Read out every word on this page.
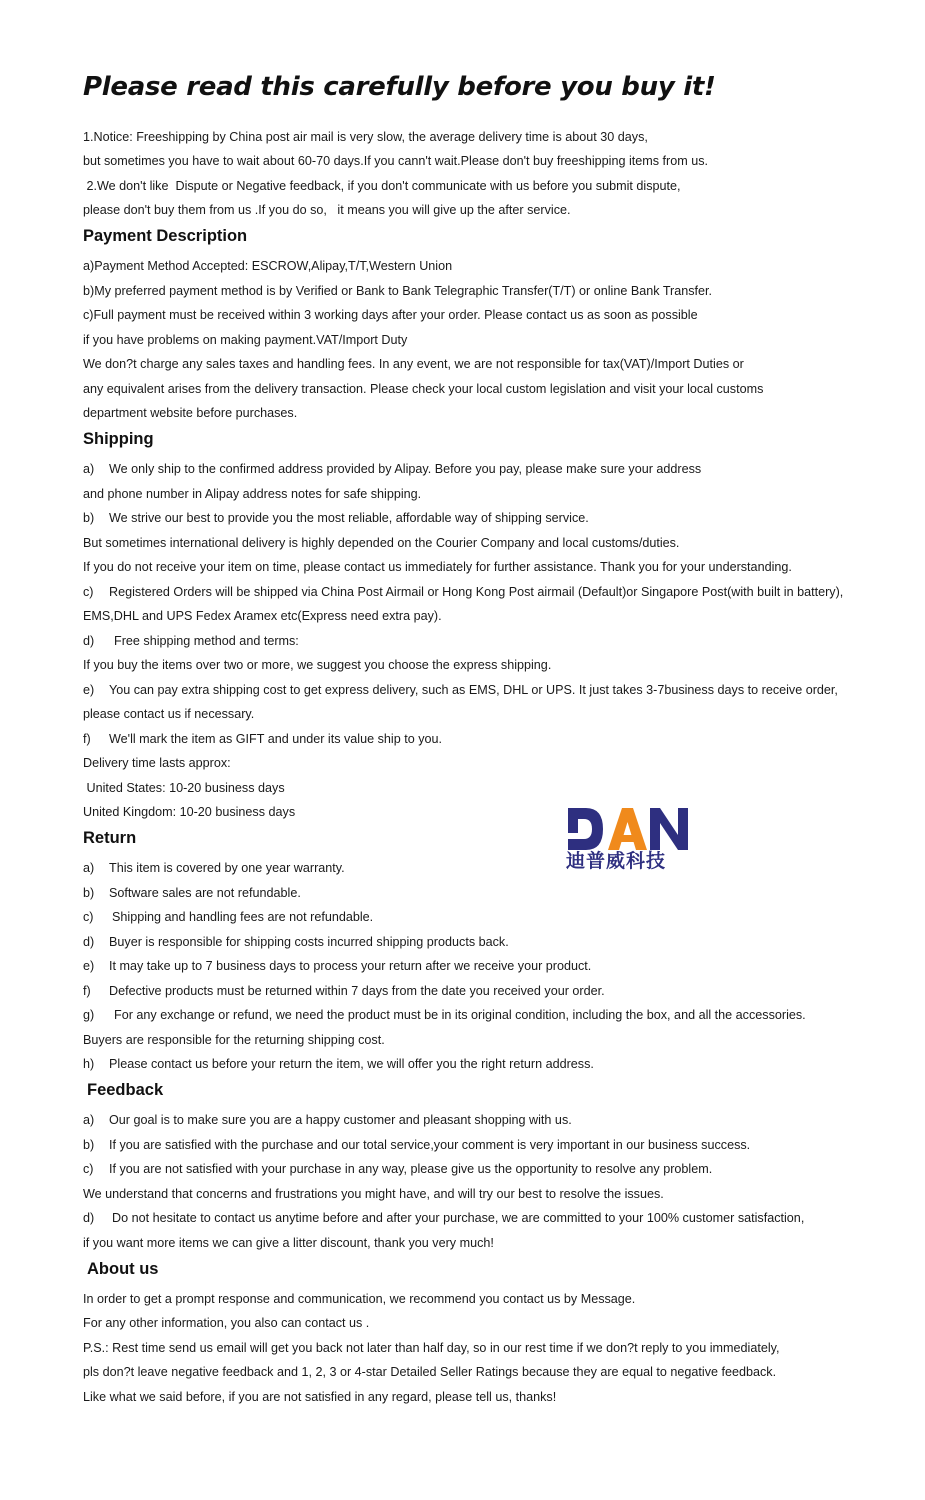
Please read this carefully before you buy it!

1.Notice: Freeshipping by China post air mail is very slow, the average delivery time is about 30 days,

but sometimes you have to wait about 60-70 days.If you cann't wait.Please don't buy freeshipping items from us.

2.We don't like  Dispute or Negative feedback, if you don't communicate with us before you submit dispute,

please don't buy them from us .If you do so,   it means you will give up the after service.

Payment Description

a)Payment Method Accepted: ESCROW,Alipay,T/T,Western Union

b)My preferred payment method is by Verified or Bank to Bank Telegraphic Transfer(T/T) or online Bank Transfer.

c)Full payment must be received within 3 working days after your order. Please contact us as soon as possible

if you have problems on making payment.VAT/Import Duty

We don?t charge any sales taxes and handling fees. In any event, we are not responsible for tax(VAT)/Import Duties or

any equivalent arises from the delivery transaction. Please check your local custom legislation and visit your local customs

department website before purchases.

Shipping

a) We only ship to the confirmed address provided by Alipay. Before you pay, please make sure your address

and phone number in Alipay address notes for safe shipping.

b) We strive our best to provide you the most reliable, affordable way of shipping service.

But sometimes international delivery is highly depended on the Courier Company and local customs/duties.

If you do not receive your item on time, please contact us immediately for further assistance. Thank you for your understanding.

c) Registered Orders will be shipped via China Post Airmail or Hong Kong Post airmail (Default)or Singapore Post(with built in battery),

EMS,DHL and UPS Fedex Aramex etc(Express need extra pay).

d) Free shipping method and terms:

If you buy the items over two or more, we suggest you choose the express shipping.

e) You can pay extra shipping cost to get express delivery, such as EMS, DHL or UPS. It just takes 3-7business days to receive order,

please contact us if necessary.

f) We'll mark the item as GIFT and under its value ship to you.

Delivery time lasts approx:

United States: 10-20 business days

United Kingdom: 10-20 business days	DAN
迪普威科技
Return

a) This item is covered by one year warranty.

b) Software sales are not refundable.

c) Shipping and handling fees are not refundable.

d) Buyer is responsible for shipping costs incurred shipping products back.

e) It may take up to 7 business days to process your return after we receive your product.

f) Defective products must be returned within 7 days from the date you received your order.

g) For any exchange or refund, we need the product must be in its original condition, including the box, and all the accessories.

Buyers are responsible for the returning shipping cost.

h) Please contact us before your return the item, we will offer you the right return address.

Feedback

a) Our goal is to make sure you are a happy customer and pleasant shopping with us.

b) If you are satisfied with the purchase and our total service,your comment is very important in our business success.

c) If you are not satisfied with your purchase in any way, please give us the opportunity to resolve any problem.

We understand that concerns and frustrations you might have, and will try our best to resolve the issues.

d) Do not hesitate to contact us anytime before and after your purchase, we are committed to your 100% customer satisfaction,

if you want more items we can give a litter discount, thank you very much!

About us

In order to get a prompt response and communication, we recommend you contact us by Message.

For any other information, you also can contact us .

P.S.: Rest time send us email will get you back not later than half day, so in our rest time if we don?t reply to you immediately,

pls don?t leave negative feedback and 1, 2, 3 or 4-star Detailed Seller Ratings because they are equal to negative feedback.

Like what we said before, if you are not satisfied in any regard, please tell us, thanks!
